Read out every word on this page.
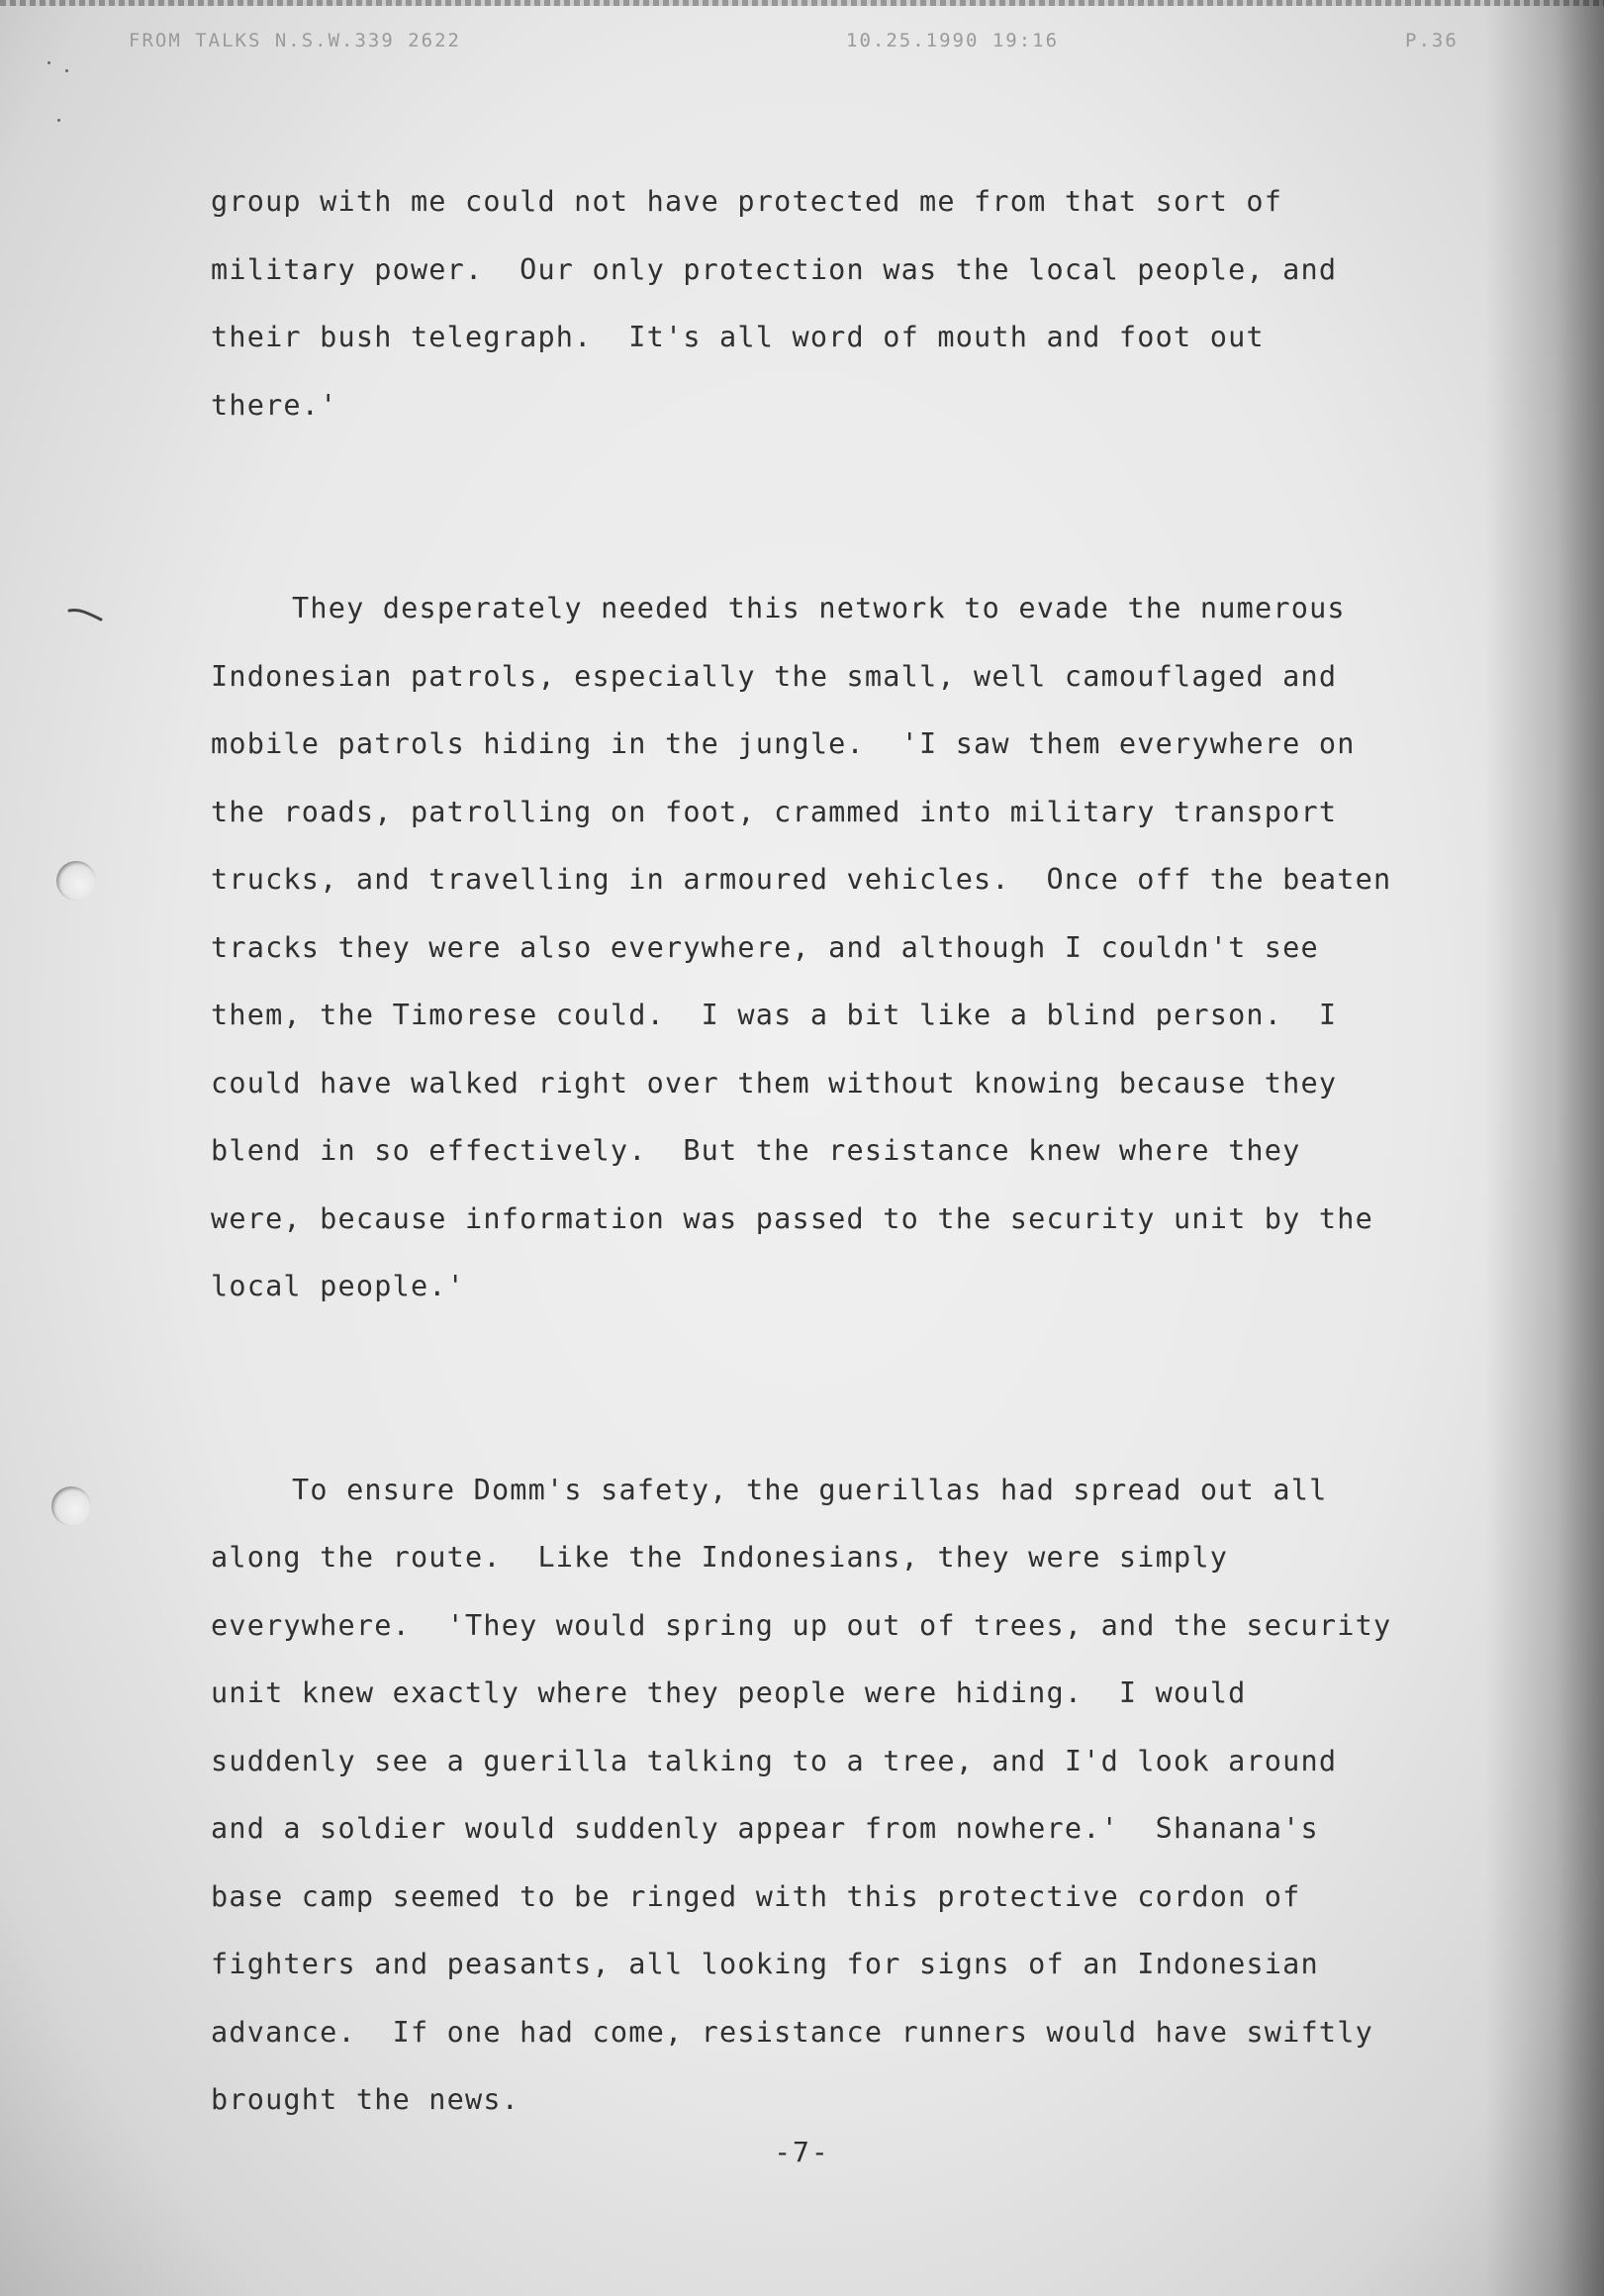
FROM TALKS N.S.W.339 2622	10.25.1990 19:16	P.36
group with me could not have protected me from that sort of
military power.  Our only protection was the local people, and
their bush telegraph.  It's all word of mouth and foot out
there.'
They desperately needed this network to evade the numerous
Indonesian patrols, especially the small, well camouflaged and
mobile patrols hiding in the jungle.  'I saw them everywhere on
the roads, patrolling on foot, crammed into military transport
trucks, and travelling in armoured vehicles.  Once off the beaten
tracks they were also everywhere, and although I couldn't see
them, the Timorese could.  I was a bit like a blind person.  I
could have walked right over them without knowing because they
blend in so effectively.  But the resistance knew where they
were, because information was passed to the security unit by the
local people.'
To ensure Domm's safety, the guerillas had spread out all
along the route.  Like the Indonesians, they were simply
everywhere.  'They would spring up out of trees, and the security
unit knew exactly where they people were hiding.  I would
suddenly see a guerilla talking to a tree, and I'd look around
and a soldier would suddenly appear from nowhere.'  Shanana's
base camp seemed to be ringed with this protective cordon of
fighters and peasants, all looking for signs of an Indonesian
advance.  If one had come, resistance runners would have swiftly
brought the news.
-7-
